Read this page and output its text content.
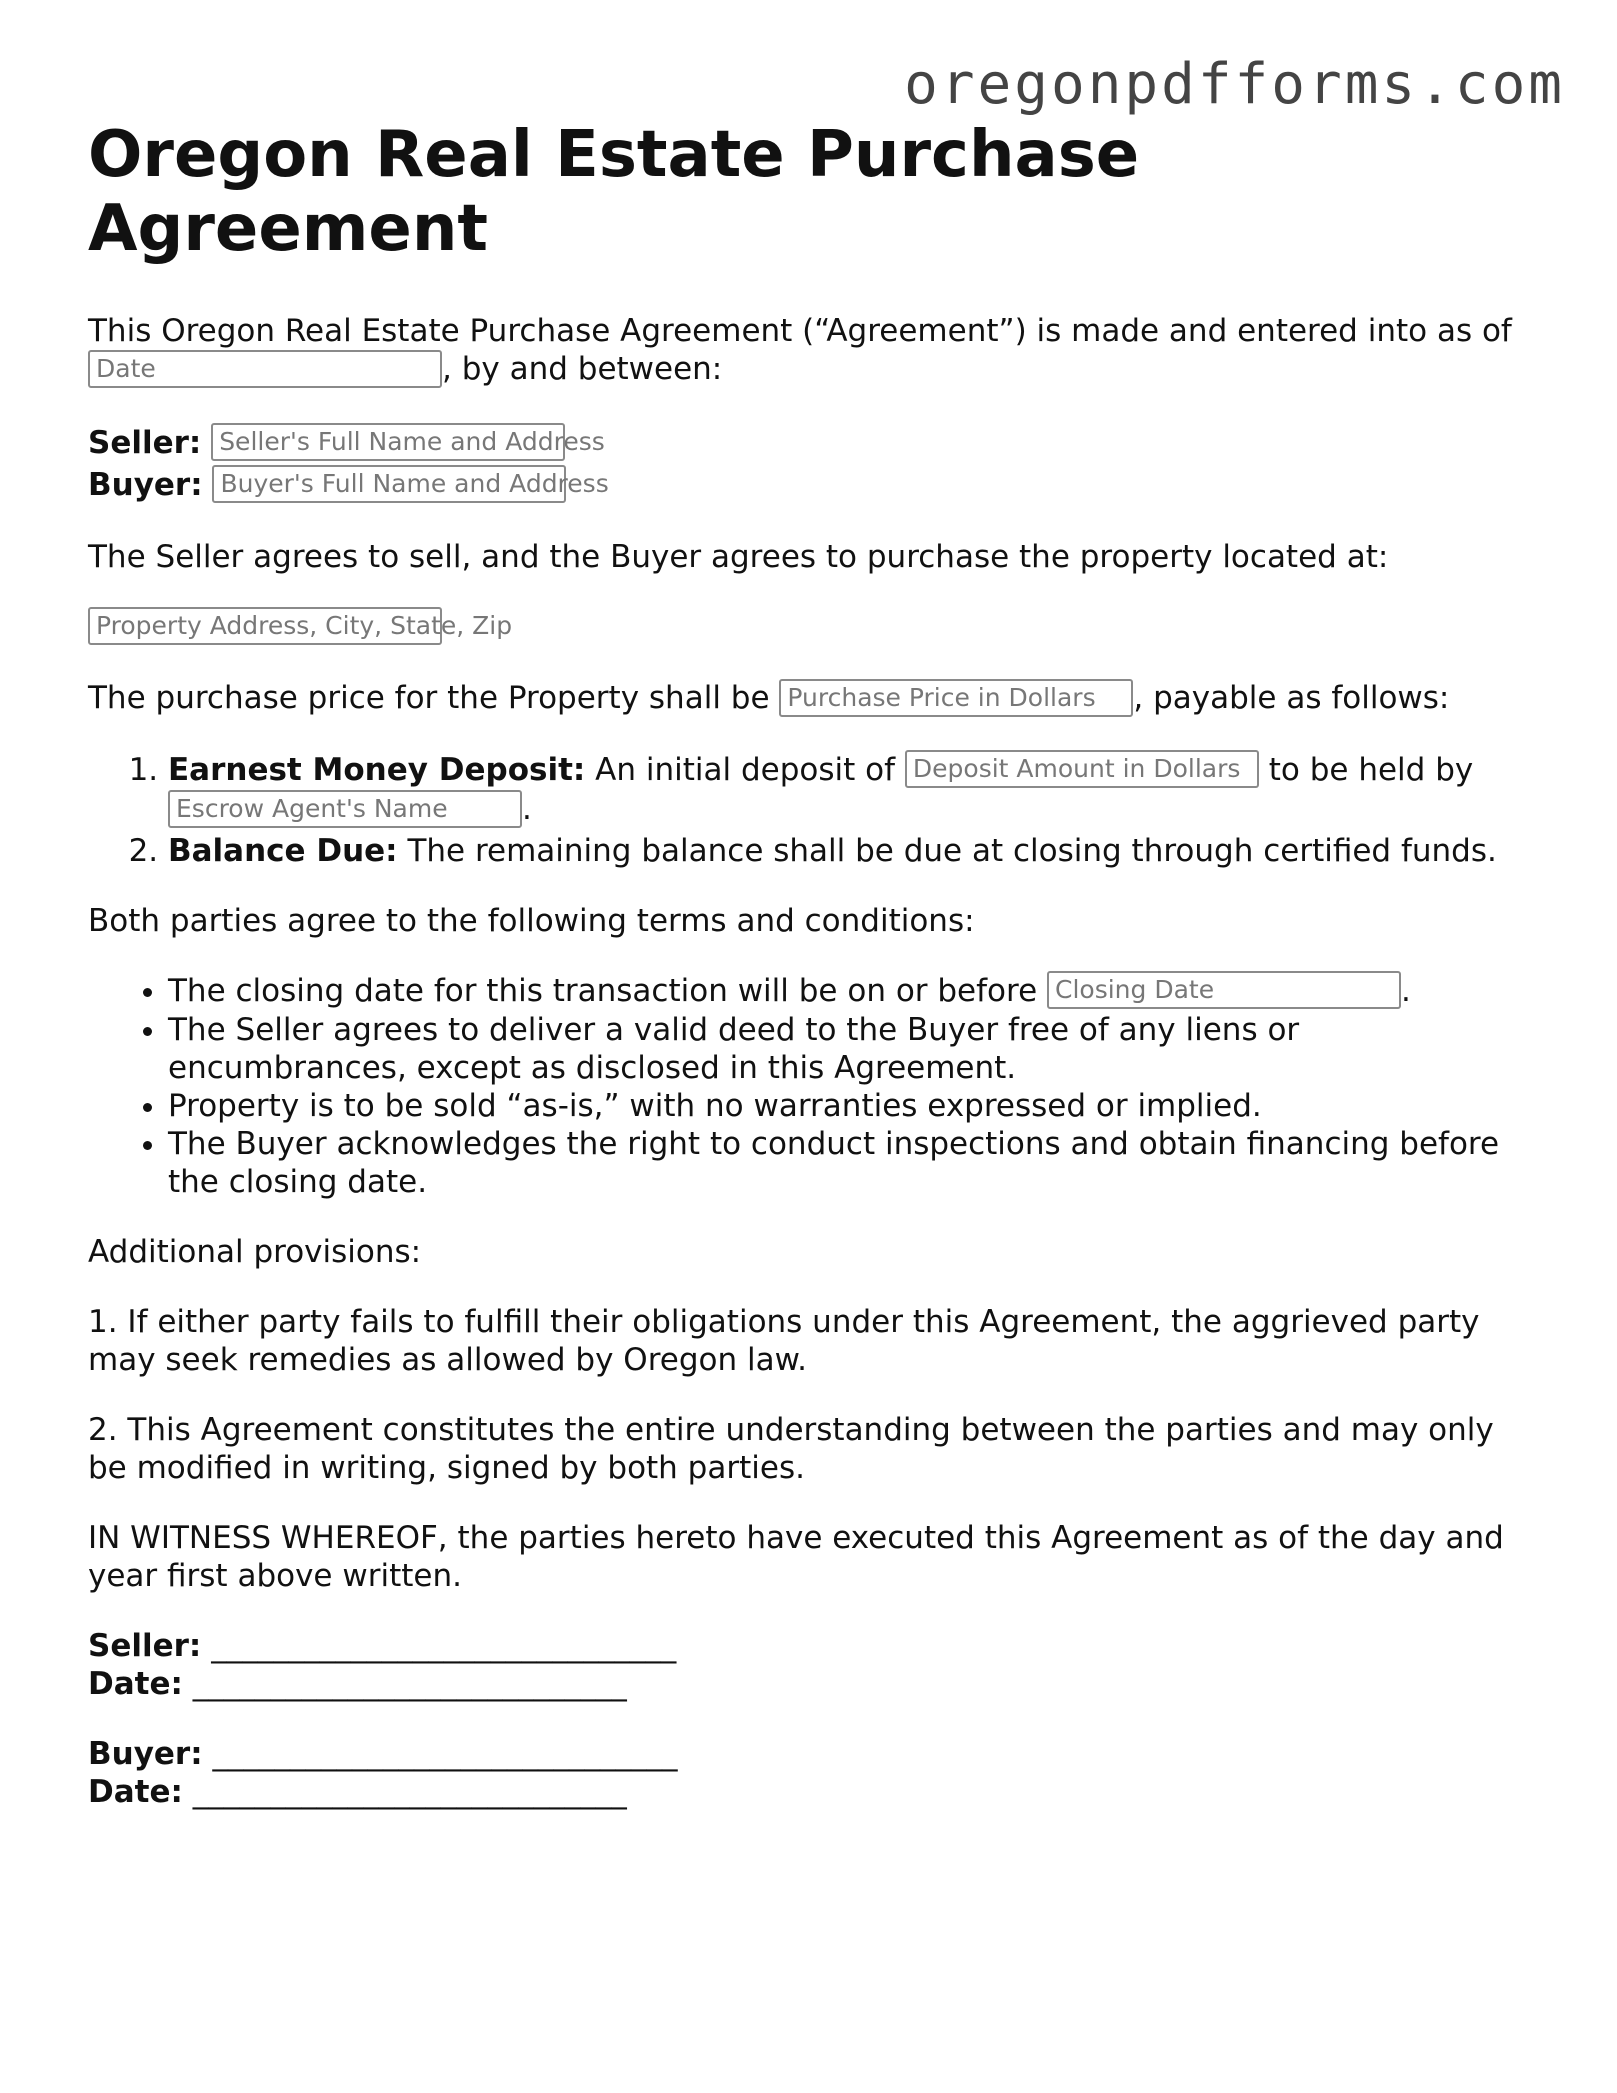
oregonpdfforms.com
Oregon Real Estate Purchase Agreement

This Oregon Real Estate Purchase Agreement (“Agreement”) is made and entered into as of Date	, by and between:

Seller: Seller's Full Name and Address
Buyer: Buyer's Full Name and Address

The Seller agrees to sell, and the Buyer agrees to purchase the property located at:

Property Address, City, State, Zip

The purchase price for the Property shall be Purchase Price in Dollars , payable as follows:

1. Earnest Money Deposit: An initial deposit of Deposit Amount in Dollars to be held by Escrow Agent's Name .
2. Balance Due: The remaining balance shall be due at closing through certified funds.

Both parties agree to the following terms and conditions:

• The closing date for this transaction will be on or before Closing Date	.
• The Seller agrees to deliver a valid deed to the Buyer free of any liens or encumbrances, except as disclosed in this Agreement.
• Property is to be sold “as-is,” with no warranties expressed or implied.
• The Buyer acknowledges the right to conduct inspections and obtain financing before the closing date.

Additional provisions:

1. If either party fails to fulfill their obligations under this Agreement, the aggrieved party may seek remedies as allowed by Oregon law.

2. This Agreement constitutes the entire understanding between the parties and may only be modified in writing, signed by both parties.

IN WITNESS WHEREOF, the parties hereto have executed this Agreement as of the day and year first above written.

Seller: ______________________________
Date: ____________________________
Buyer: ______________________________
Date: ____________________________
